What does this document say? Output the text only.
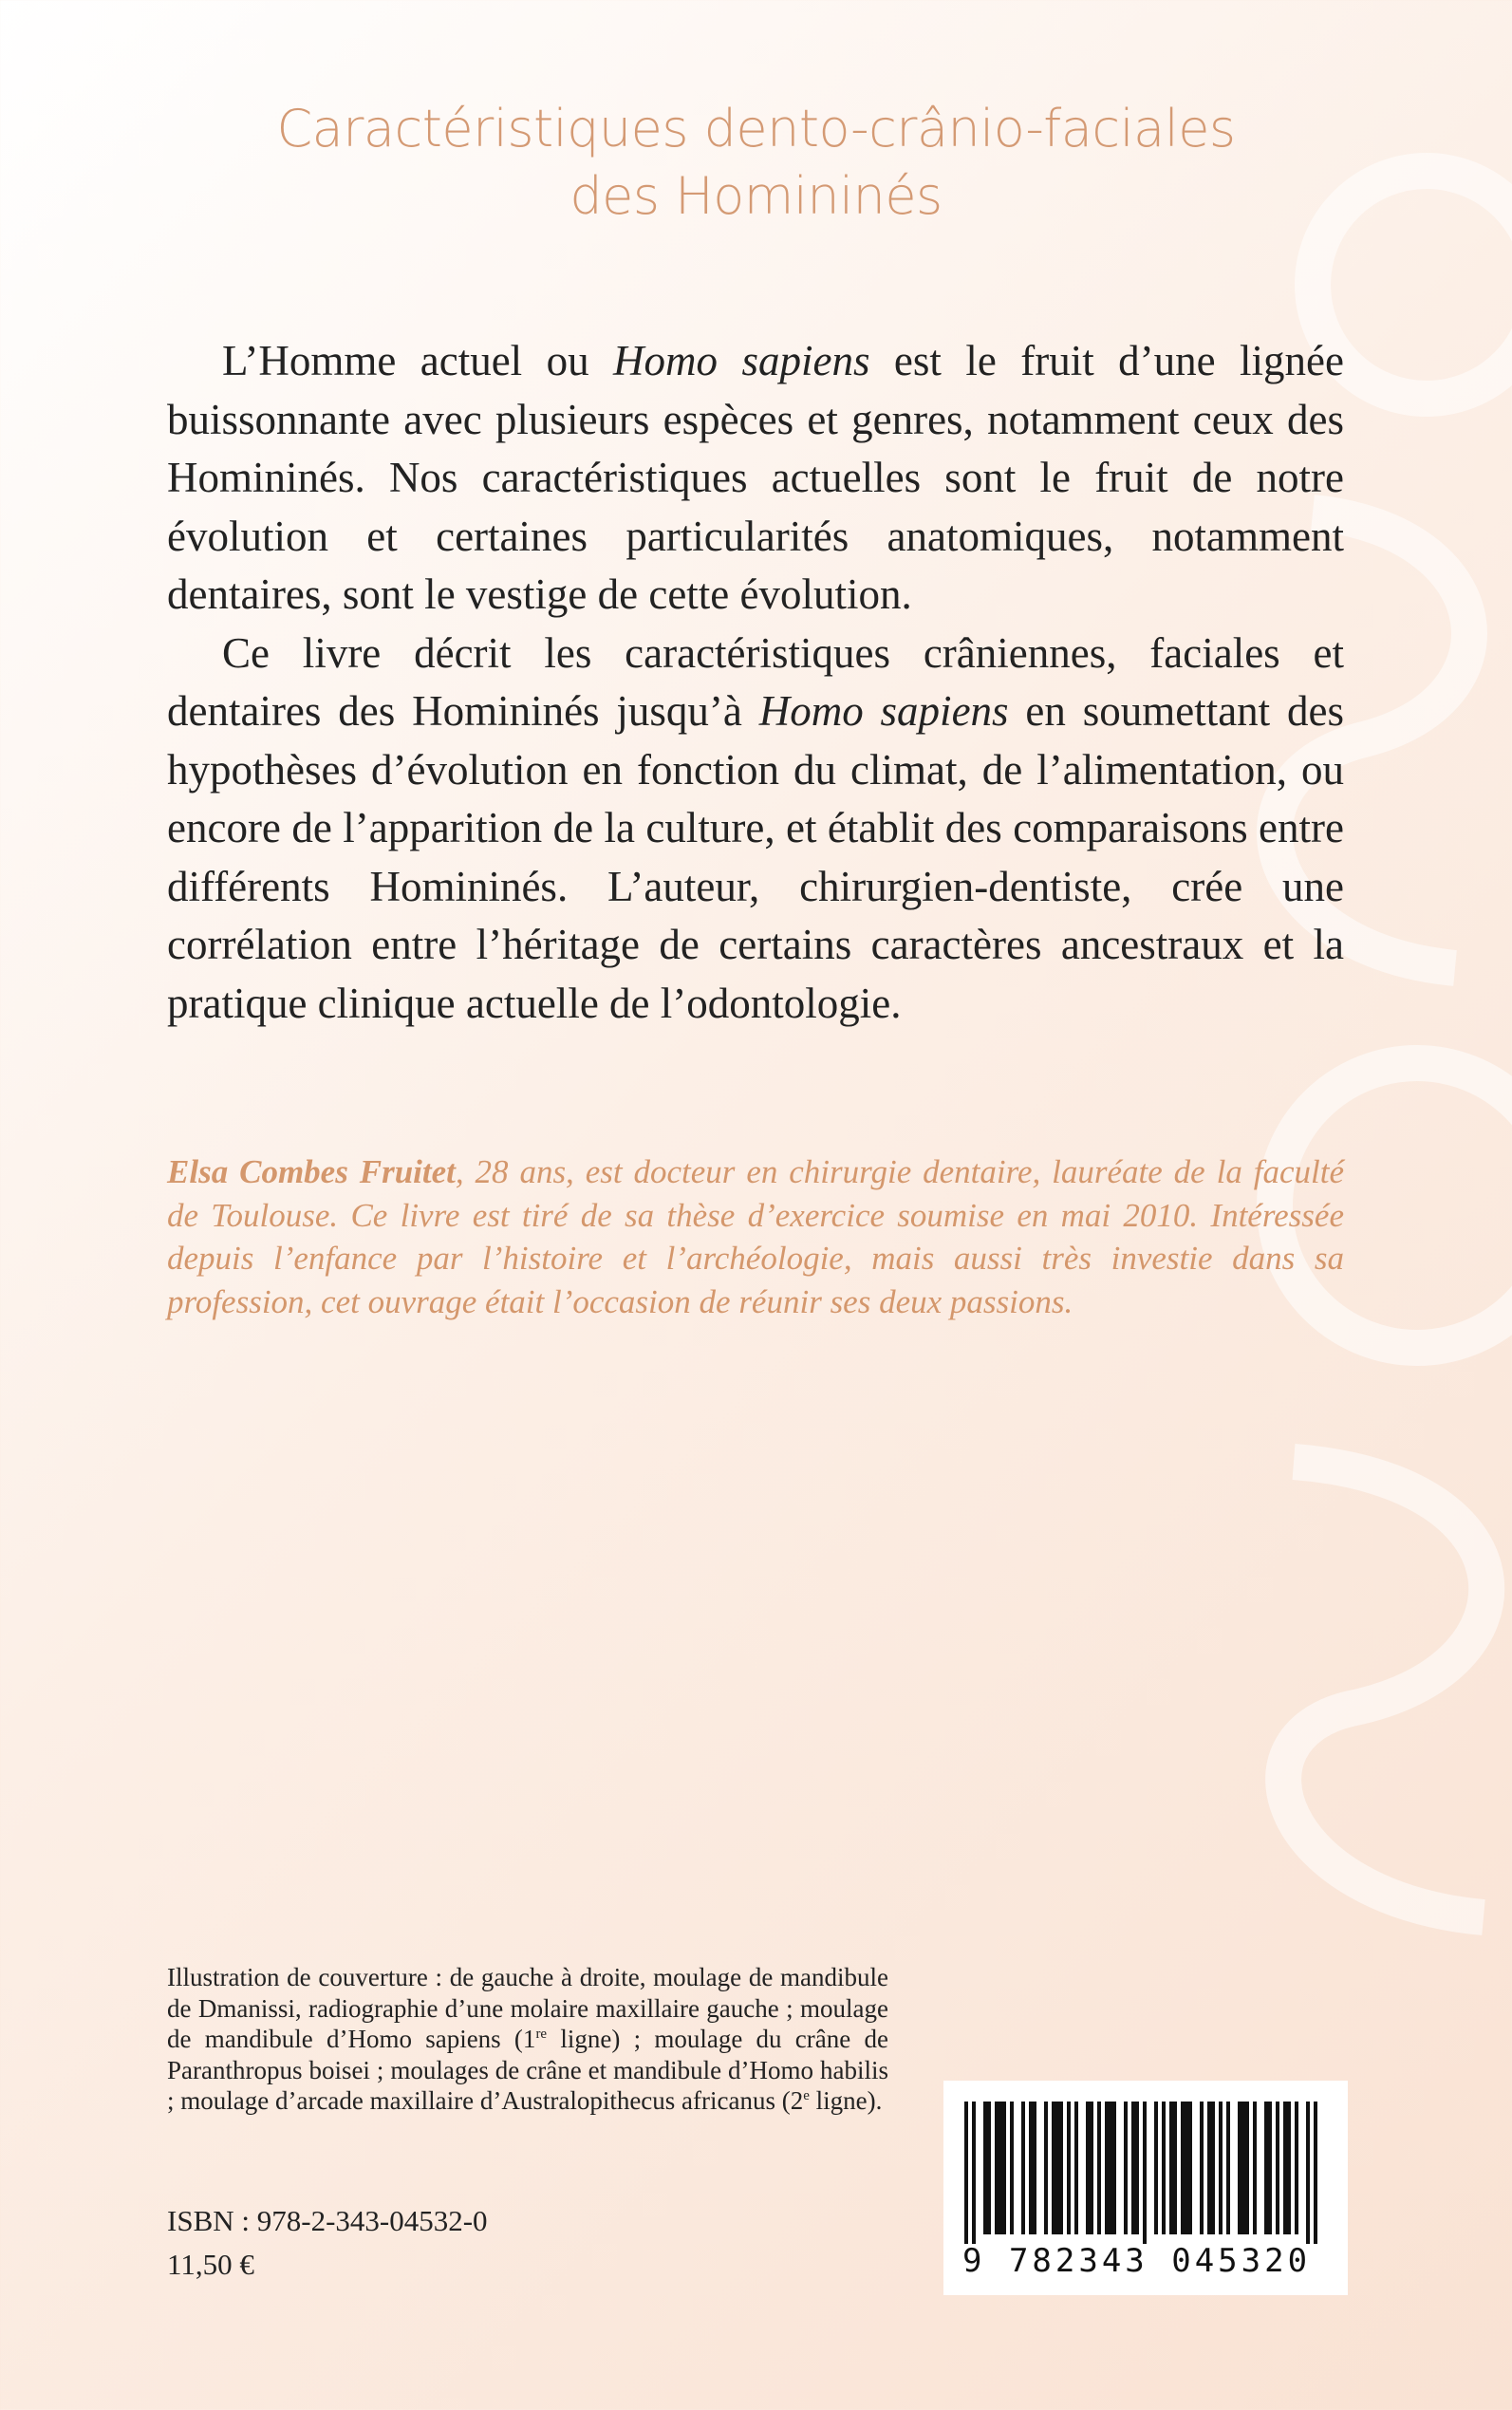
Caractéristiques dento-crânio-faciales
des Homininés

L’Homme actuel ou Homo sapiens est le fruit d’une lignée buissonnante avec plusieurs espèces et genres, notamment ceux des Homininés. Nos caractéristiques actuelles sont le fruit de notre évolution et certaines particularités anatomiques, notamment dentaires, sont le vestige de cette évolution.

Ce livre décrit les caractéristiques crâniennes, faciales et dentaires des Homininés jusqu’à Homo sapiens en soumettant des hypothèses d’évolution en fonction du climat, de l’alimentation, ou encore de l’apparition de la culture, et établit des comparaisons entre différents Homininés. L’auteur, chirurgien-dentiste, crée une corrélation entre l’héritage de certains caractères ancestraux et la pratique clinique actuelle de l’odontologie.

Elsa Combes Fruitet, 28 ans, est docteur en chirurgie dentaire, lauréate de la faculté de Toulouse. Ce livre est tiré de sa thèse d’exercice soumise en mai 2010. Intéressée depuis l’enfance par l’histoire et l’archéologie, mais aussi très investie dans sa profession, cet ouvrage était l’occasion de réunir ses deux passions.

Illustration de couverture : de gauche à droite, moulage de mandibule de Dmanissi, radiographie d’une molaire maxillaire gauche ; moulage de mandibule d’Homo sapiens (1re ligne) ; moulage du crâne de Paranthropus boisei ; moulages de crâne et mandibule d’Homo habilis ; moulage d’arcade maxillaire d’Australopithecus africanus (2e ligne).

ISBN : 978-2-343-04532-0
11,50 €	9 782343 045320
